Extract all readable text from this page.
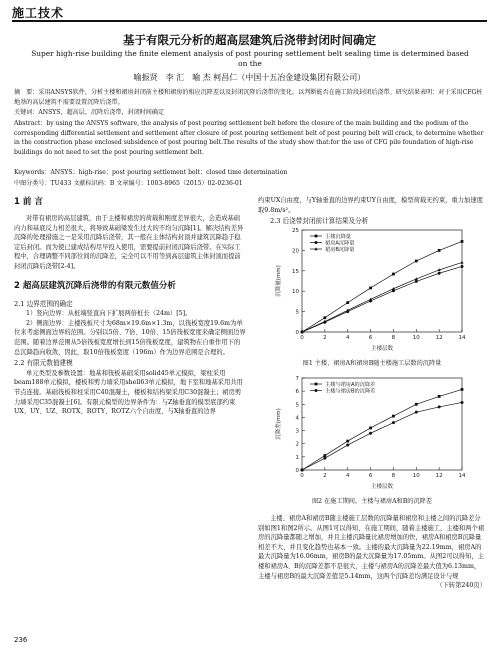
施工技术
基于有限元分析的超高层建筑后浇带封闭时间确定
Super high-rise building the finite element analysis of post pouring settlement belt sealing time is determined based on the
喻振贤　李 汇　喻 杰 柯昌仁（中国十五冶金建设集团有限公司）
摘　要：采用ANSYS软件，分析主楼和裙房封闭前主楼和裙房的相应沉降差以及封闭沉降后浇带的变化，以判断能否在施工阶段封闭后浇带。研究结果表明：对于采用CFG桩地基的高层建筑不需要设置沉降后浇带。
关键词：ANSYS，超高层，沉降后浇带，封闭时间确定
Abstract：by using the ANSYS software, the analysis of post pouring settlement belt before the closure of the main building and the podium of the corresponding differential settlement and settlement after closure of post pouring settlement belt of post pouring belt will crack, to determine whether in the construction phase enclosed subsidence of post pouring belt.The results of the study show that:for the use of CFG pile foundation of high-rise buildings do not need to set the post pouring settlement belt.
Keywords：ANSYS；high-rise；post pouring settlement belt；closed time determination
中图分类号：TU433 文献标识码：B 文章编号：1003-8965（2015）02-0236-01
1 前 言

对带有裙房的高层建筑，由于主楼和裙房的荷载和刚度差异很大，会造成基础内力和基底反力相差很大，将导致基础梁发生过大的不均匀沉降[1]。解决结构差异沉降的处理措施之一是采用沉降后浇带，其一般在主体结构封顶并建筑沉降趋于稳定后封闭。而为使已建成结构尽早投入使用，需要提前封闭沉降后浇带。在实际工程中，合理调整不同部位间的沉降差，完全可以不用等到高层建筑主体封顶而提前封闭沉降后浇带[2-4]。

2 超高层建筑沉降后浇带的有限元数值分析

2.1 边界范围的确定

1）竖向边界：从桩端竖直向下扩展两倍桩长（24m）[5]。

2）侧面边界：主楼筏板尺寸为68m×19.6m×1.3m，以筏板宽度19.6m为单位来考虑侧面边界的范围。分别以5倍、7倍、10倍、15倍筏板宽度来确定侧面边界范围。随着边界范围从5倍筏板宽度增长到15倍筏板宽度，建筑物在自重作用下的总沉降趋向收敛，因此，取10倍筏板宽度（196m）作为边界范围是合理的。

2.2 有限元数值建模

单元类型及参数设置：地基和筏板基础采用solid45单元模拟，梁柱采用beam188单元模拟，楼板和剪力墙采用shell63单元模拟，地下室和地基采用共用节点连接。基础筏板和柱采用C40混凝土，楼板和结构梁采用C30混凝土；裙房剪力墙采用C35混凝土[6]。有限元模型的边界条件为：与Z轴垂直的模型底部约束UX、UY、UZ、ROTX、ROTY、ROTZ六个自由度，与X轴垂直的边界

约束UX自由度，与Y轴垂直的边界约束UY自由度，模型荷载无约束，重力加速度取9.8m/s²。

2.3 后浇带封闭前计算结果及分析

0
5
10
15
20
25
0	2	4	6	8	10	12	14
主楼层数
沉降量(mm)
主楼沉降量
裙房A沉降量
裙房B沉降量
图1 主楼、裙房A和裙房B随主楼施工层数的沉降量
0
1
2
3
4
5
6
7
0	2	4	6	8	10	12	14
主楼层数
沉降差(mm)
主楼与裙房A的沉降差
主楼与裙房B的沉降差
图2 在施工期间，主楼与裙房A和B的沉降差

主楼、裙房A和裙房B随主楼施工层数的沉降量和裙房和主楼之间的沉降差分别如图1和图2所示。从图1可以得知，在施工期间，随着主楼施工，主楼和两个裙房的沉降量都随之增加，并且主楼沉降量比裙房增加的快，裙房A和裙房B沉降量相差不大，并且变化趋势也基本一致。主楼的最大沉降量为22.19mm，裙房A的最大沉降量为16.06mm，裙房B的最大沉降量为17.05mm。从图2可以得知，主楼和裙房A、B的沉降差都不是很大，主楼与裙房A的沉降差最大值为6.13mm，主楼与裙房B的最大沉降差值是5.14mm，这两个沉降差均满足设计与规

（下转第240页）

236
